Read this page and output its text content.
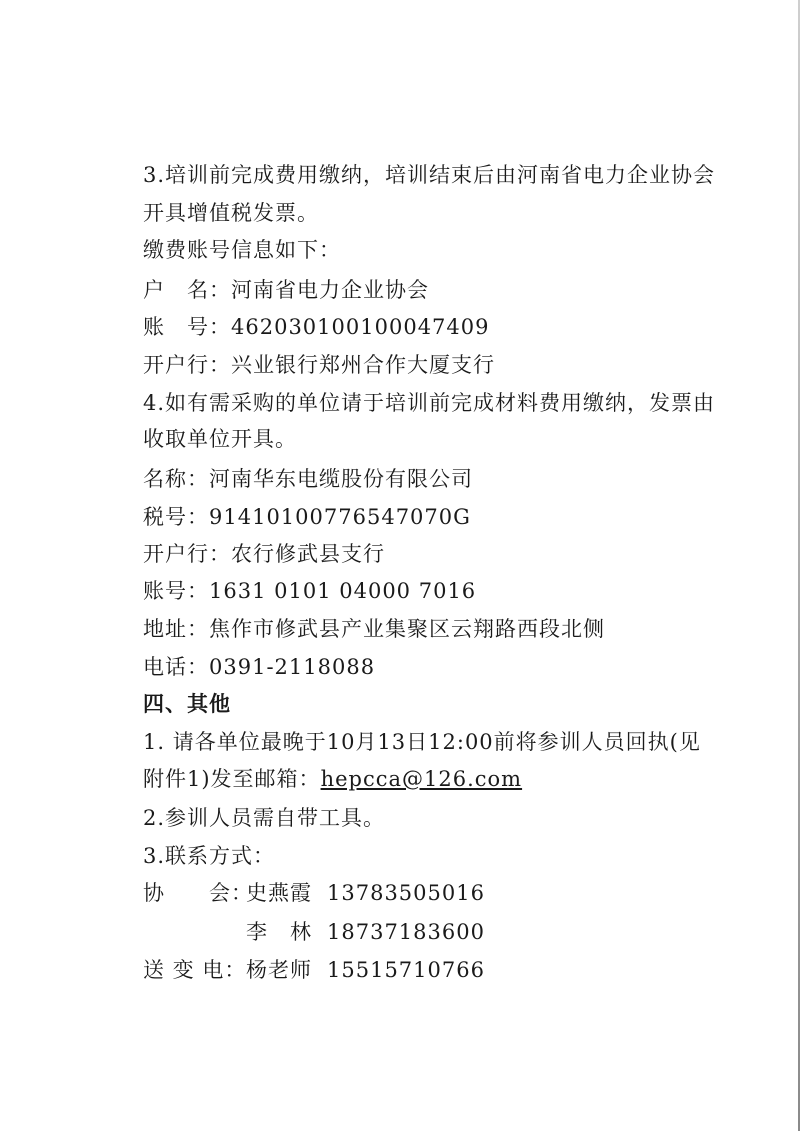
3.培训前完成费用缴纳，培训结束后由河南省电力企业协会
开具增值税发票。
缴费账号信息如下：
户　名：河南省电力企业协会
账　号：462030100100047409
开户行：兴业银行郑州合作大厦支行
4.如有需采购的单位请于培训前完成材料费用缴纳，发票由
收取单位开具。
名称：河南华东电缆股份有限公司
税号：91410100776547070G
开户行：农行修武县支行
账号：1631 0101 04000 7016
地址：焦作市修武县产业集聚区云翔路西段北侧
电话：0391-2118088
四、其他
1. 请各单位最晚于10月13日12:00前将参训人员回执(见
附件1)发至邮箱：hepcca@126.com
2.参训人员需自带工具。
3.联系方式：
协　　会：
史燕霞 13783505016
李　林 18737183600
送 变 电： 杨老师 15515710766
